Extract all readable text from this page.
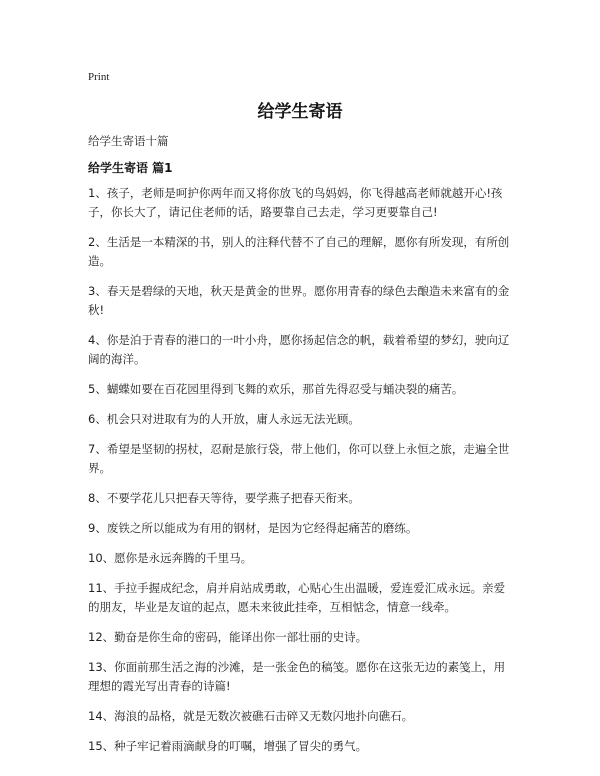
Print
给学生寄语
给学生寄语十篇
给学生寄语 篇1

1、孩子，老师是呵护你两年而又将你放飞的鸟妈妈，你飞得越高老师就越开心!孩子，你长大了，请记住老师的话，路要靠自己去走，学习更要靠自己!

2、生活是一本精深的书，别人的注释代替不了自己的理解，愿你有所发现，有所创造。

3、春天是碧绿的天地，秋天是黄金的世界。愿你用青春的绿色去酿造未来富有的金秋!

4、你是泊于青春的港口的一叶小舟，愿你扬起信念的帆，载着希望的梦幻，驶向辽阔的海洋。

5、蝴蝶如要在百花园里得到飞舞的欢乐，那首先得忍受与蛹决裂的痛苦。

6、机会只对进取有为的人开放，庸人永远无法光顾。

7、希望是坚韧的拐杖，忍耐是旅行袋，带上他们，你可以登上永恒之旅，走遍全世界。

8、不要学花儿只把春天等待，要学燕子把春天衔来。

9、废铁之所以能成为有用的钢材，是因为它经得起痛苦的磨练。

10、愿你是永远奔腾的千里马。

11、手拉手握成纪念，肩并肩站成勇敢，心贴心生出温暖，爱连爱汇成永远。亲爱的朋友，毕业是友谊的起点，愿未来彼此挂牵，互相惦念，情意一线牵。

12、勤奋是你生命的密码，能译出你一部壮丽的史诗。

13、你面前那生活之海的沙滩，是一张金色的稿笺。愿你在这张无边的素笺上，用理想的霞光写出青春的诗篇!

14、海浪的品格，就是无数次被礁石击碎又无数闪地扑向礁石。

15、种子牢记着雨滴献身的叮嘱，增强了冒尖的勇气。
